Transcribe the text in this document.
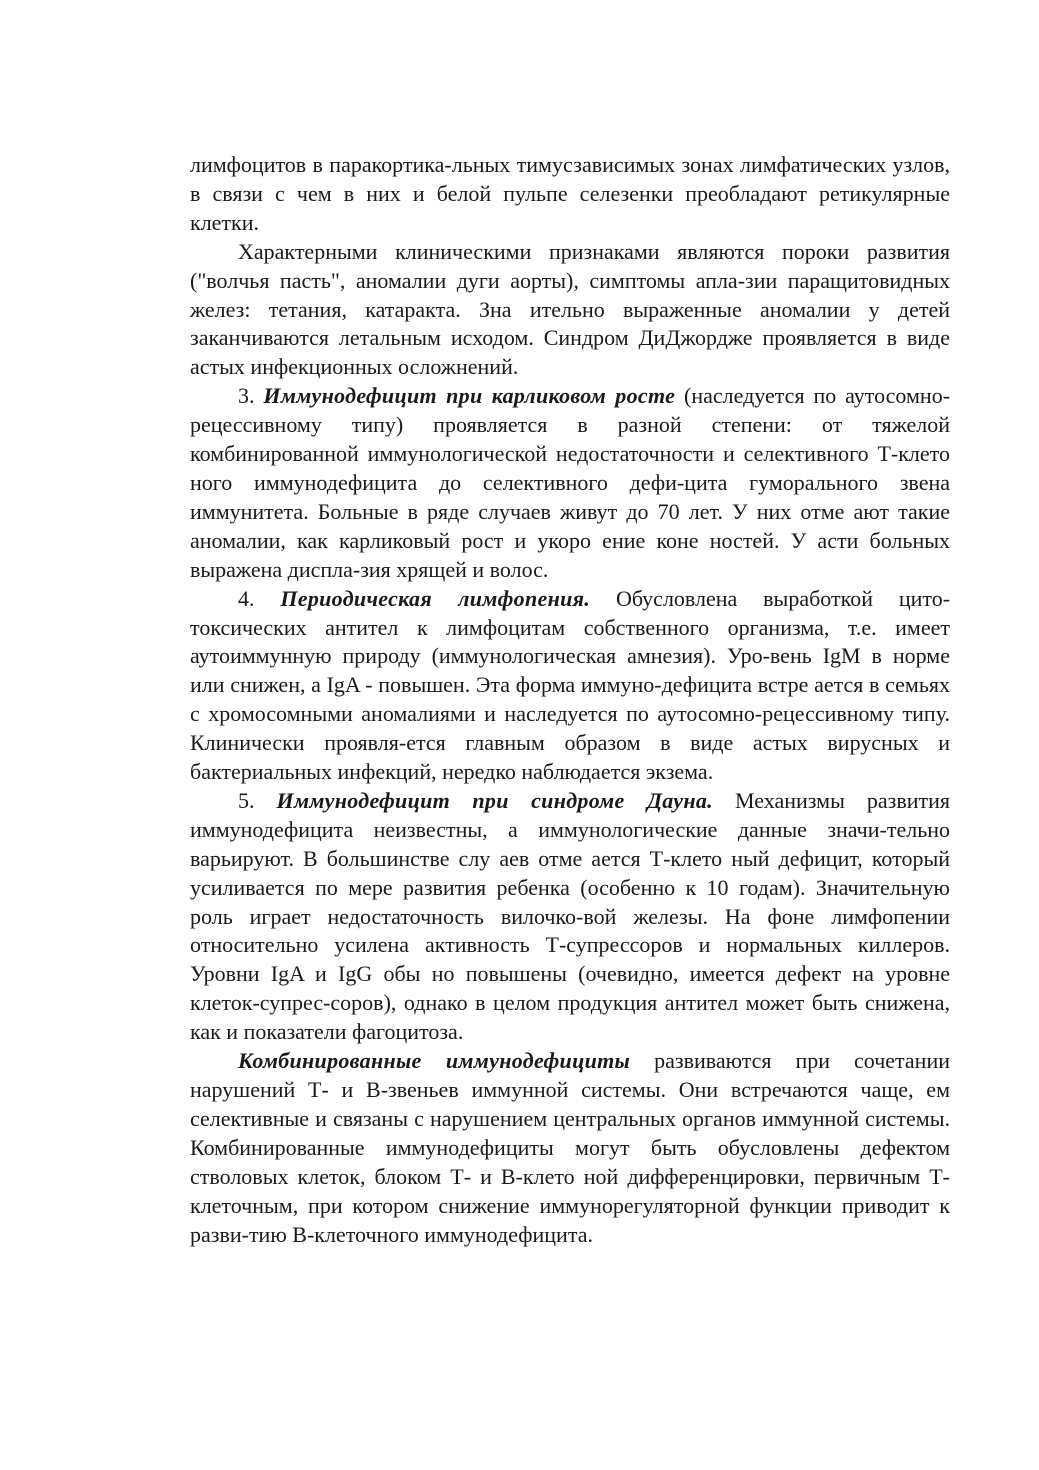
лимфоцитов в паракортика-льных тимусзависимых зонах лимфатических узлов, в связи с чем в них и белой пульпе селезенки преобладают ретикулярные клетки.

Характерными клиническими признаками являются пороки развития ("волчья пасть", аномалии дуги аорты), симптомы апла-зии паращитовидных желез: тетания, катаракта. Зна ительно выраженные аномалии у детей заканчиваются летальным исходом. Синдром ДиДжордже проявляется в виде астых инфекционных осложнений.

3. Иммунодефицит при карликовом росте (наследуется по аутосомно-рецессивному типу) проявляется в разной степени: от тяжелой комбинированной иммунологической недостаточности и селективного Т-клето ного иммунодефицита до селективного дефи-цита гуморального звена иммунитета. Больные в ряде случаев живут до 70 лет. У них отме ают такие аномалии, как карликовый рост и укоро ение коне ностей. У асти больных выражена диспла-зия хрящей и волос.

4. Периодическая лимфопения. Обусловлена выработкой цито-токсических антител к лимфоцитам собственного организма, т.е. имеет аутоиммунную природу (иммунологическая амнезия). Уро-вень IgM в норме или снижен, а IgA - повышен. Эта форма иммуно-дефицита встре ается в семьях с хромосомными аномалиями и наследуется по аутосомно-рецессивному типу. Клинически проявля-ется главным образом в виде астых вирусных и бактериальных инфекций, нередко наблюдается экзема.

5. Иммунодефицит при синдроме Дауна. Механизмы развития иммунодефицита неизвестны, а иммунологические данные значи-тельно варьируют. В большинстве слу аев отме ается Т-клето ный дефицит, который усиливается по мере развития ребенка (особенно к 10 годам). Значительную роль играет недостаточность вилочко-вой железы. На фоне лимфопении относительно усилена активность Т-супрессоров и нормальных киллеров. Уровни IgA и IgG обы но повышены (очевидно, имеется дефект на уровне клеток-супрес-соров), однако в целом продукция антител может быть снижена, как и показатели фагоцитоза.

Комбинированные иммунодефициты развиваются при сочетании нарушений Т- и В-звеньев иммунной системы. Они встречаются чаще, ем селективные и связаны с нарушением центральных органов иммунной системы. Комбинированные иммунодефициты могут быть обусловлены дефектом стволовых клеток, блоком Т- и В-клето ной дифференцировки, первичным Т-клеточным, при котором снижение иммунорегуляторной функции приводит к разви-тию В-клеточного иммунодефицита.
